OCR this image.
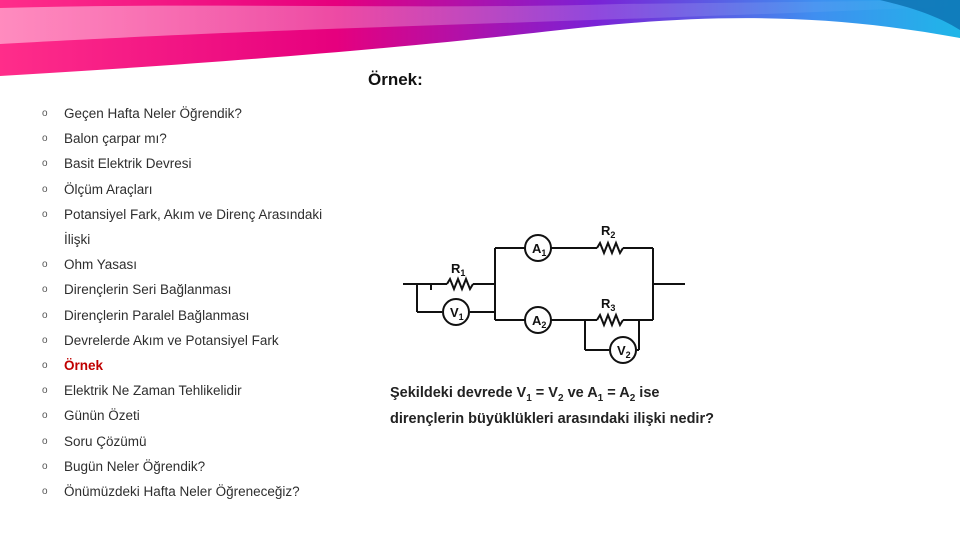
Örnek:
o Geçen Hafta Neler Öğrendik?
o Balon çarpar mı?
o Basit Elektrik Devresi
o Ölçüm Araçları
o Potansiyel Fark, Akım ve Direnç Arasındaki İlişki
o Ohm Yasası
o Dirençlerin Seri Bağlanması
o Dirençlerin Paralel Bağlanması
o Devrelerde Akım ve Potansiyel Fark
o Örnek
o Elektrik Ne Zaman Tehlikelidir
o Günün Özeti
o Soru Çözümü
o Bugün Neler Öğrendik?
o Önümüzdeki Hafta Neler Öğreneceğiz?
$A_1$
$A_2$
$V_1$
$V_2$
$R_1$
$R_2$
$R_3$
Şekildeki devrede $V_1 = V_2$ ve $A_1 = A_2$ ise dirençlerin büyüklükleri arasındaki ilişki nedir?
